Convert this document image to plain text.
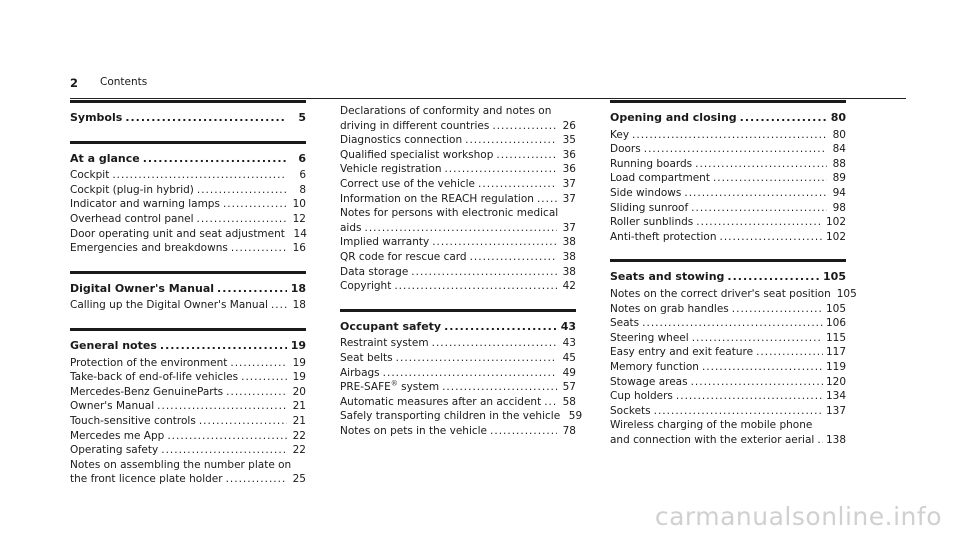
2 Contents
Symbols .....	5
At a glance .....	6
Cockpit .....	6
Cockpit (plug-in hybrid) .....	8
Indicator and warning lamps .....	10
Overhead control panel .....	12
Door operating unit and seat adjustment 14
Emergencies and breakdowns .....	16
Digital Owner's Manual .....	18
Calling up the Digital Owner's Manual ..... 18
General notes .....	19
Protection of the environment .....	19
Take-back of end-of-life vehicles .....	19
Mercedes-Benz GenuineParts .....	20
Owner's Manual .....	21
Touch-sensitive controls .....	21
Mercedes me App .....	22
Operating safety .....	22
Notes on assembling the number plate on
the front licence plate holder .....	25
Declarations of conformity and notes on
driving in different countries .....	26
Diagnostics connection .....	35
Qualified specialist workshop .....	36
Vehicle registration .....	36
Correct use of the vehicle .....	37
Information on the REACH regulation .....	37
Notes for persons with electronic medical
aids .....	37
Implied warranty .....	38
QR code for rescue card .....	38
Data storage .....	38
Copyright .....	42
Occupant safety .....	43
Restraint system .....	43
Seat belts .....	45
Airbags .....	49
PRE-SAFE® system .....	57
Automatic measures after an accident ..... 58
Safely transporting children in the vehicle 59
Notes on pets in the vehicle .....	78
Opening and closing .....	80
Key .....	80
Doors .....	84
Running boards .....	88
Load compartment .....	89
Side windows .....	94
Sliding sunroof .....	98
Roller sunblinds .....	102
Anti-theft protection .....	102
Seats and stowing .....	105
Notes on the correct driver's seat position 105
Notes on grab handles .....	105
Seats .....	106
Steering wheel .....	115
Easy entry and exit feature .....	117
Memory function .....	119
Stowage areas .....	120
Cup holders .....	134
Sockets .....	137
Wireless charging of the mobile phone
and connection with the exterior aerial ..... 138
carmanualsonline.info
